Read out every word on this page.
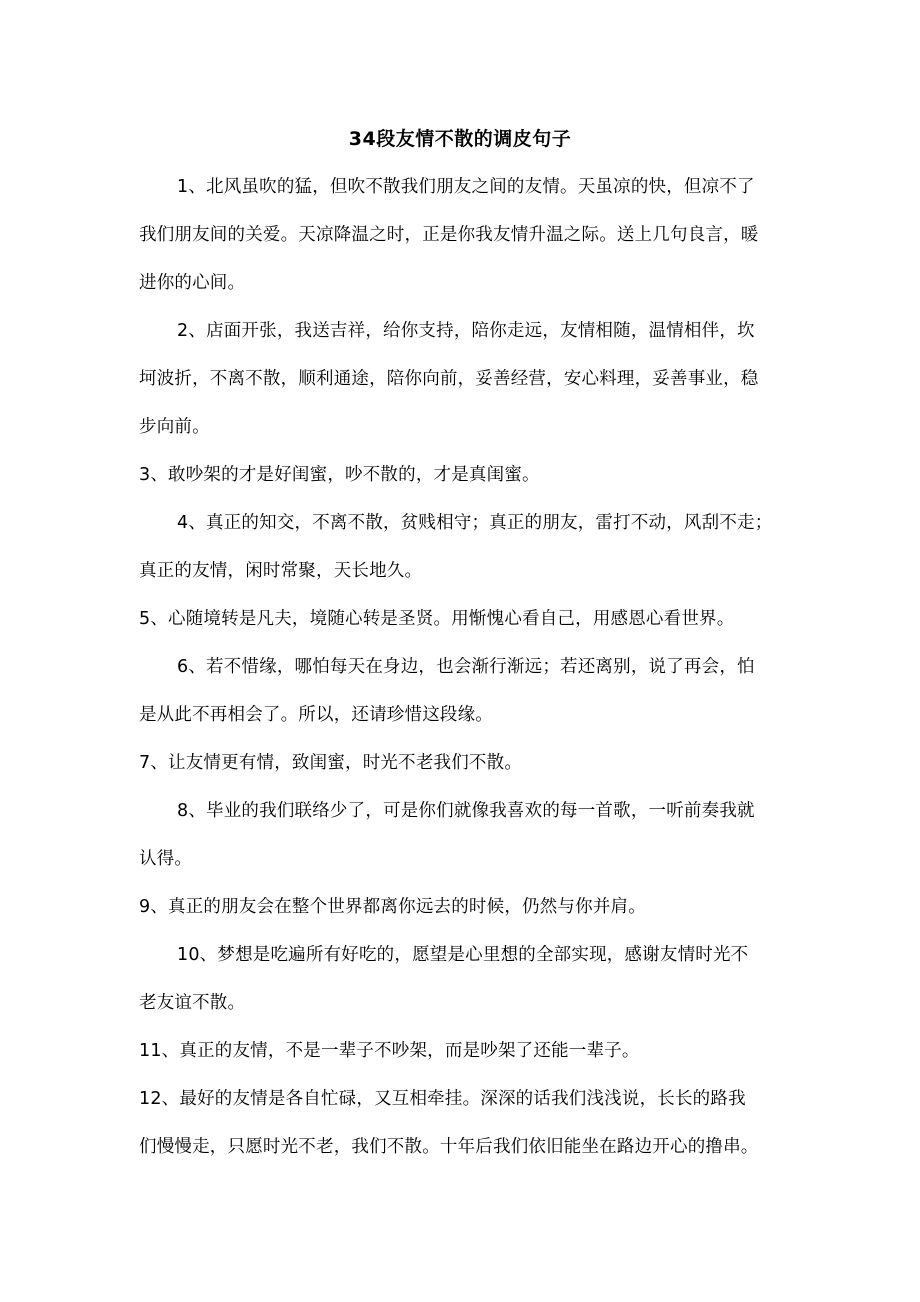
34段友情不散的调皮句子
1、北风虽吹的猛，但吹不散我们朋友之间的友情。天虽凉的快，但凉不了
我们朋友间的关爱。天凉降温之时，正是你我友情升温之际。送上几句良言，暖
进你的心间。
2、店面开张，我送吉祥，给你支持，陪你走远，友情相随，温情相伴，坎
坷波折，不离不散，顺利通途，陪你向前，妥善经营，安心料理，妥善事业，稳
步向前。
3、敢吵架的才是好闺蜜，吵不散的，才是真闺蜜。
4、真正的知交，不离不散，贫贱相守；真正的朋友，雷打不动，风刮不走；
真正的友情，闲时常聚，天长地久。
5、心随境转是凡夫，境随心转是圣贤。用惭愧心看自己，用感恩心看世界。
6、若不惜缘，哪怕每天在身边，也会渐行渐远；若还离别，说了再会，怕
是从此不再相会了。所以，还请珍惜这段缘。
7、让友情更有情，致闺蜜，时光不老我们不散。
8、毕业的我们联络少了，可是你们就像我喜欢的每一首歌，一听前奏我就
认得。
9、真正的朋友会在整个世界都离你远去的时候，仍然与你并肩。
10、梦想是吃遍所有好吃的，愿望是心里想的全部实现，感谢友情时光不
老友谊不散。
11、真正的友情，不是一辈子不吵架，而是吵架了还能一辈子。
12、最好的友情是各自忙碌，又互相牵挂。深深的话我们浅浅说，长长的路我
们慢慢走，只愿时光不老，我们不散。十年后我们依旧能坐在路边开心的撸串。
